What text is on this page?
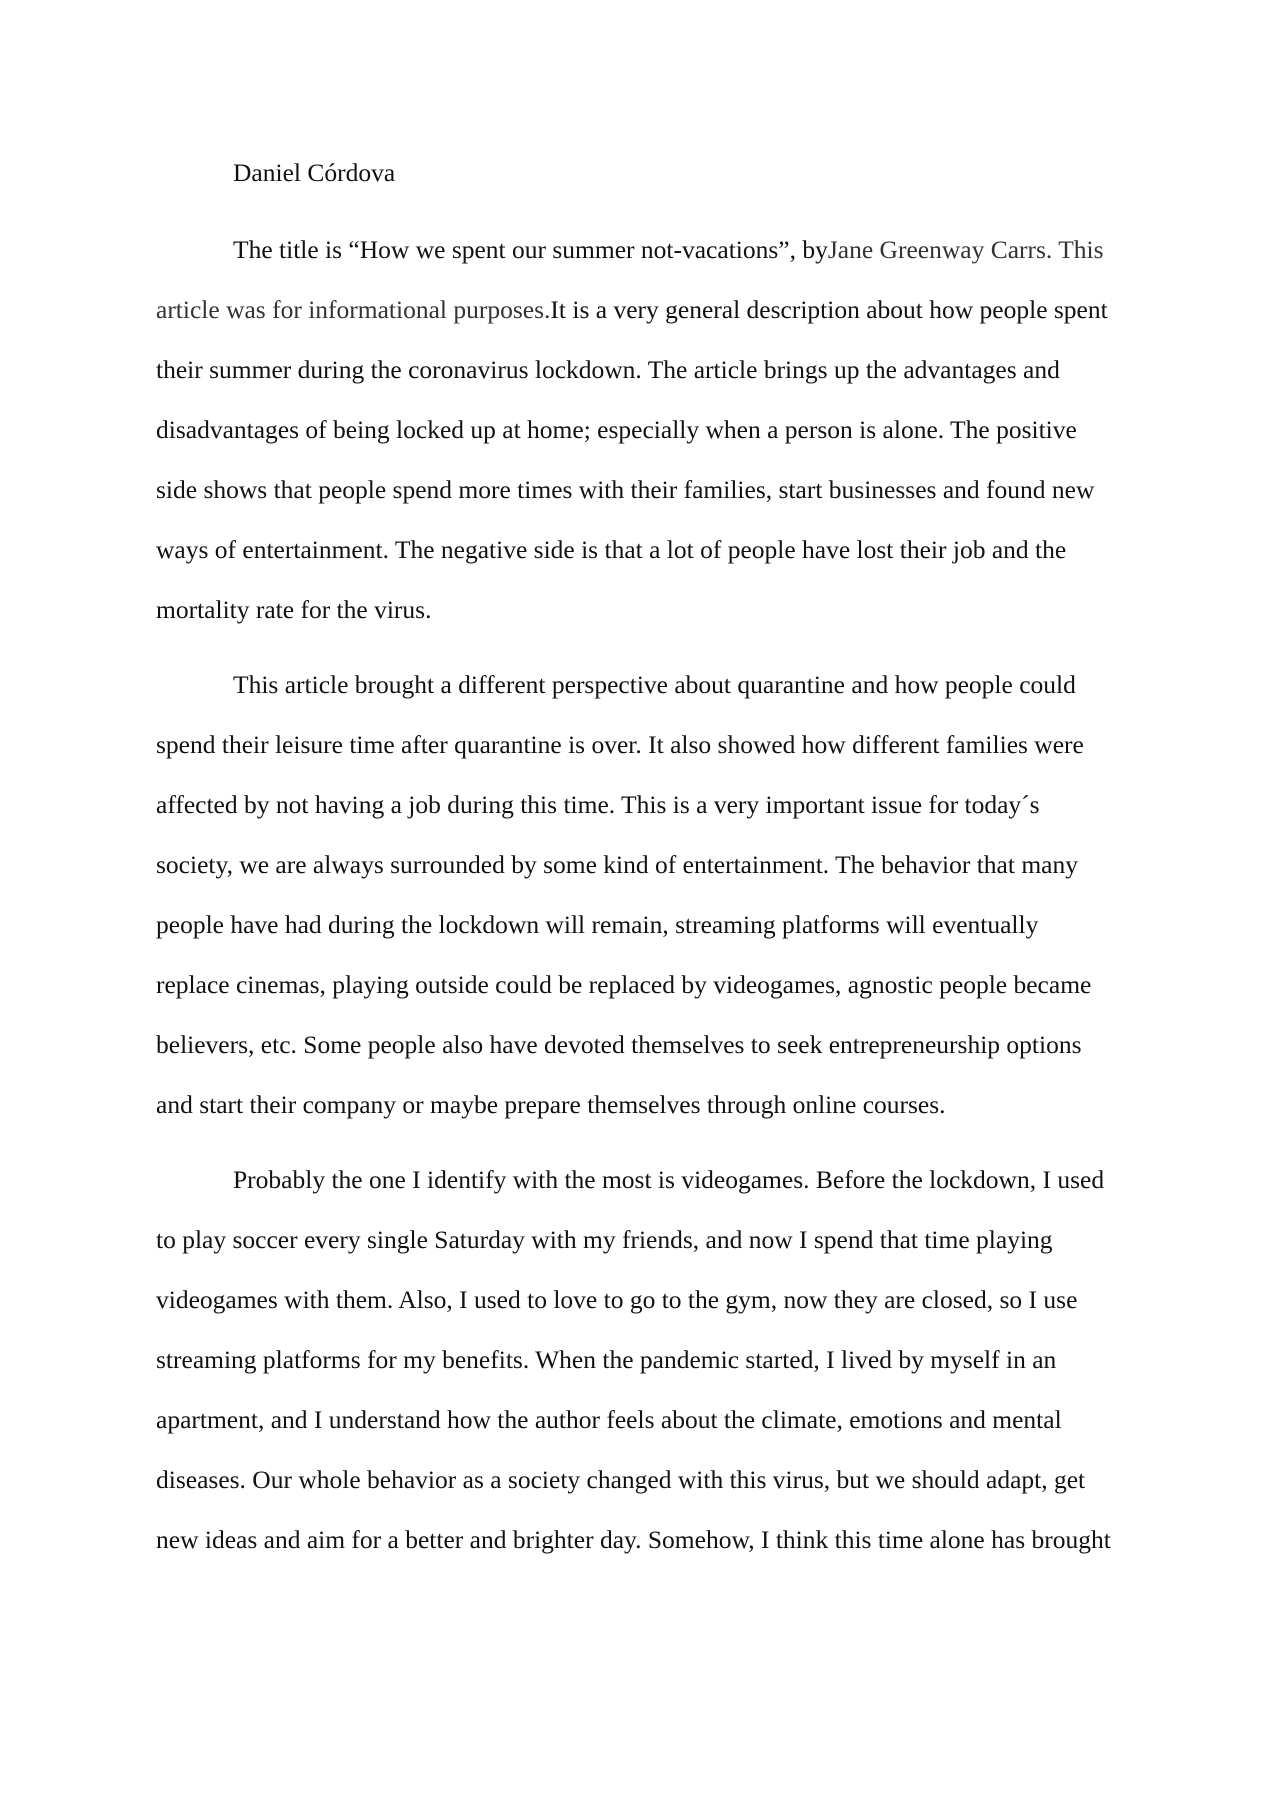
Daniel Córdova
The title is “How we spent our summer not-vacations”, by Jane Greenway Carrs. This
article was for informational purposes. It is a very general description about how people spent
their summer during the coronavirus lockdown. The article brings up the advantages and
disadvantages of being locked up at home; especially when a person is alone. The positive
side shows that people spend more times with their families, start businesses and found new
ways of entertainment. The negative side is that a lot of people have lost their job and the
mortality rate for the virus.
This article brought a different perspective about quarantine and how people could
spend their leisure time after quarantine is over. It also showed how different families were
affected by not having a job during this time. This is a very important issue for today´s
society, we are always surrounded by some kind of entertainment. The behavior that many
people have had during the lockdown will remain, streaming platforms will eventually
replace cinemas, playing outside could be replaced by videogames, agnostic people became
believers, etc. Some people also have devoted themselves to seek entrepreneurship options
and start their company or maybe prepare themselves through online courses.
Probably the one I identify with the most is videogames. Before the lockdown, I used
to play soccer every single Saturday with my friends, and now I spend that time playing
videogames with them. Also, I used to love to go to the gym, now they are closed, so I use
streaming platforms for my benefits. When the pandemic started, I lived by myself in an
apartment, and I understand how the author feels about the climate, emotions and mental
diseases. Our whole behavior as a society changed with this virus, but we should adapt, get
new ideas and aim for a better and brighter day. Somehow, I think this time alone has brought
